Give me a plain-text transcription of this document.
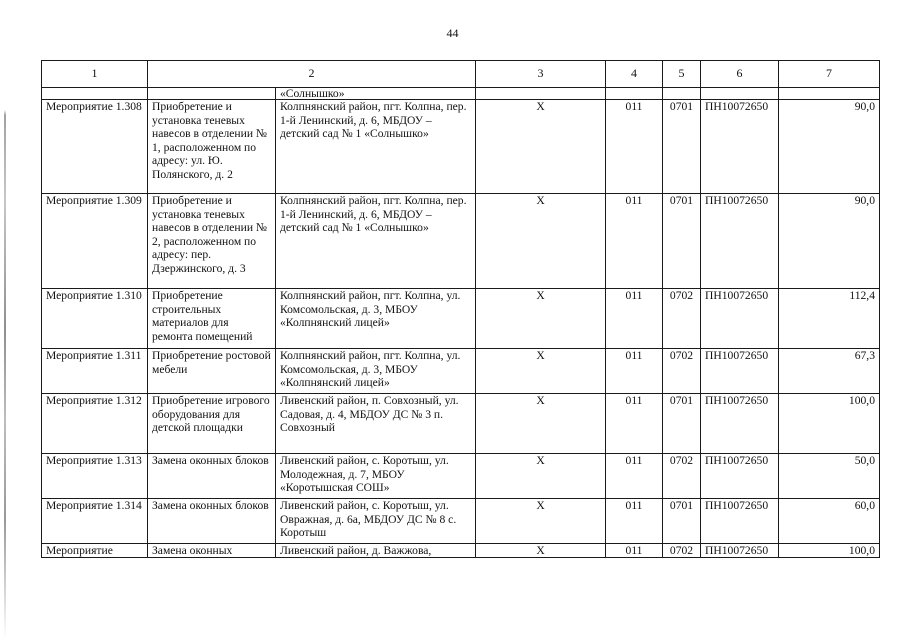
44
1	2		3	4	5	6	7
		«Солнышко»					
Мероприятие 1.308	Приобретение и установка теневых навесов в отделении № 1, расположенном по адресу: ул. Ю. Полянского, д. 2	Колпнянский район, пгт. Колпна, пер. 1-й Ленинский, д. 6, МБДОУ – детский сад № 1 «Солнышко»	Х	011	0701	ПН10072650	90,0
Мероприятие 1.309	Приобретение и установка теневых навесов в отделении № 2, расположенном по адресу: пер. Дзержинского, д. 3	Колпнянский район, пгт. Колпна, пер. 1-й Ленинский, д. 6, МБДОУ – детский сад № 1 «Солнышко»	Х	011	0701	ПН10072650	90,0
Мероприятие 1.310	Приобретение строительных материалов для ремонта помещений	Колпнянский район, пгт. Колпна, ул. Комсомольская, д. 3, МБОУ «Колпнянский лицей»	Х	011	0702	ПН10072650	112,4
Мероприятие 1.311	Приобретение ростовой мебели	Колпнянский район, пгт. Колпна, ул. Комсомольская, д. 3, МБОУ «Колпнянский лицей»	Х	011	0702	ПН10072650	67,3
Мероприятие 1.312	Приобретение игрового оборудования для детской площадки	Ливенский район, п. Совхозный, ул. Садовая, д. 4, МБДОУ ДС № 3 п. Совхозный	Х	011	0701	ПН10072650	100,0
Мероприятие 1.313	Замена оконных блоков	Ливенский район, с. Коротыш, ул. Молодежная, д. 7, МБОУ «Коротышская СОШ»	Х	011	0702	ПН10072650	50,0
Мероприятие 1.314	Замена оконных блоков	Ливенский район, с. Коротыш, ул. Овражная, д. 6а, МБДОУ ДС № 8 с. Коротыш	Х	011	0701	ПН10072650	60,0
Мероприятие	Замена оконных	Ливенский район, д. Важжова,	Х	011	0702	ПН10072650	100,0
